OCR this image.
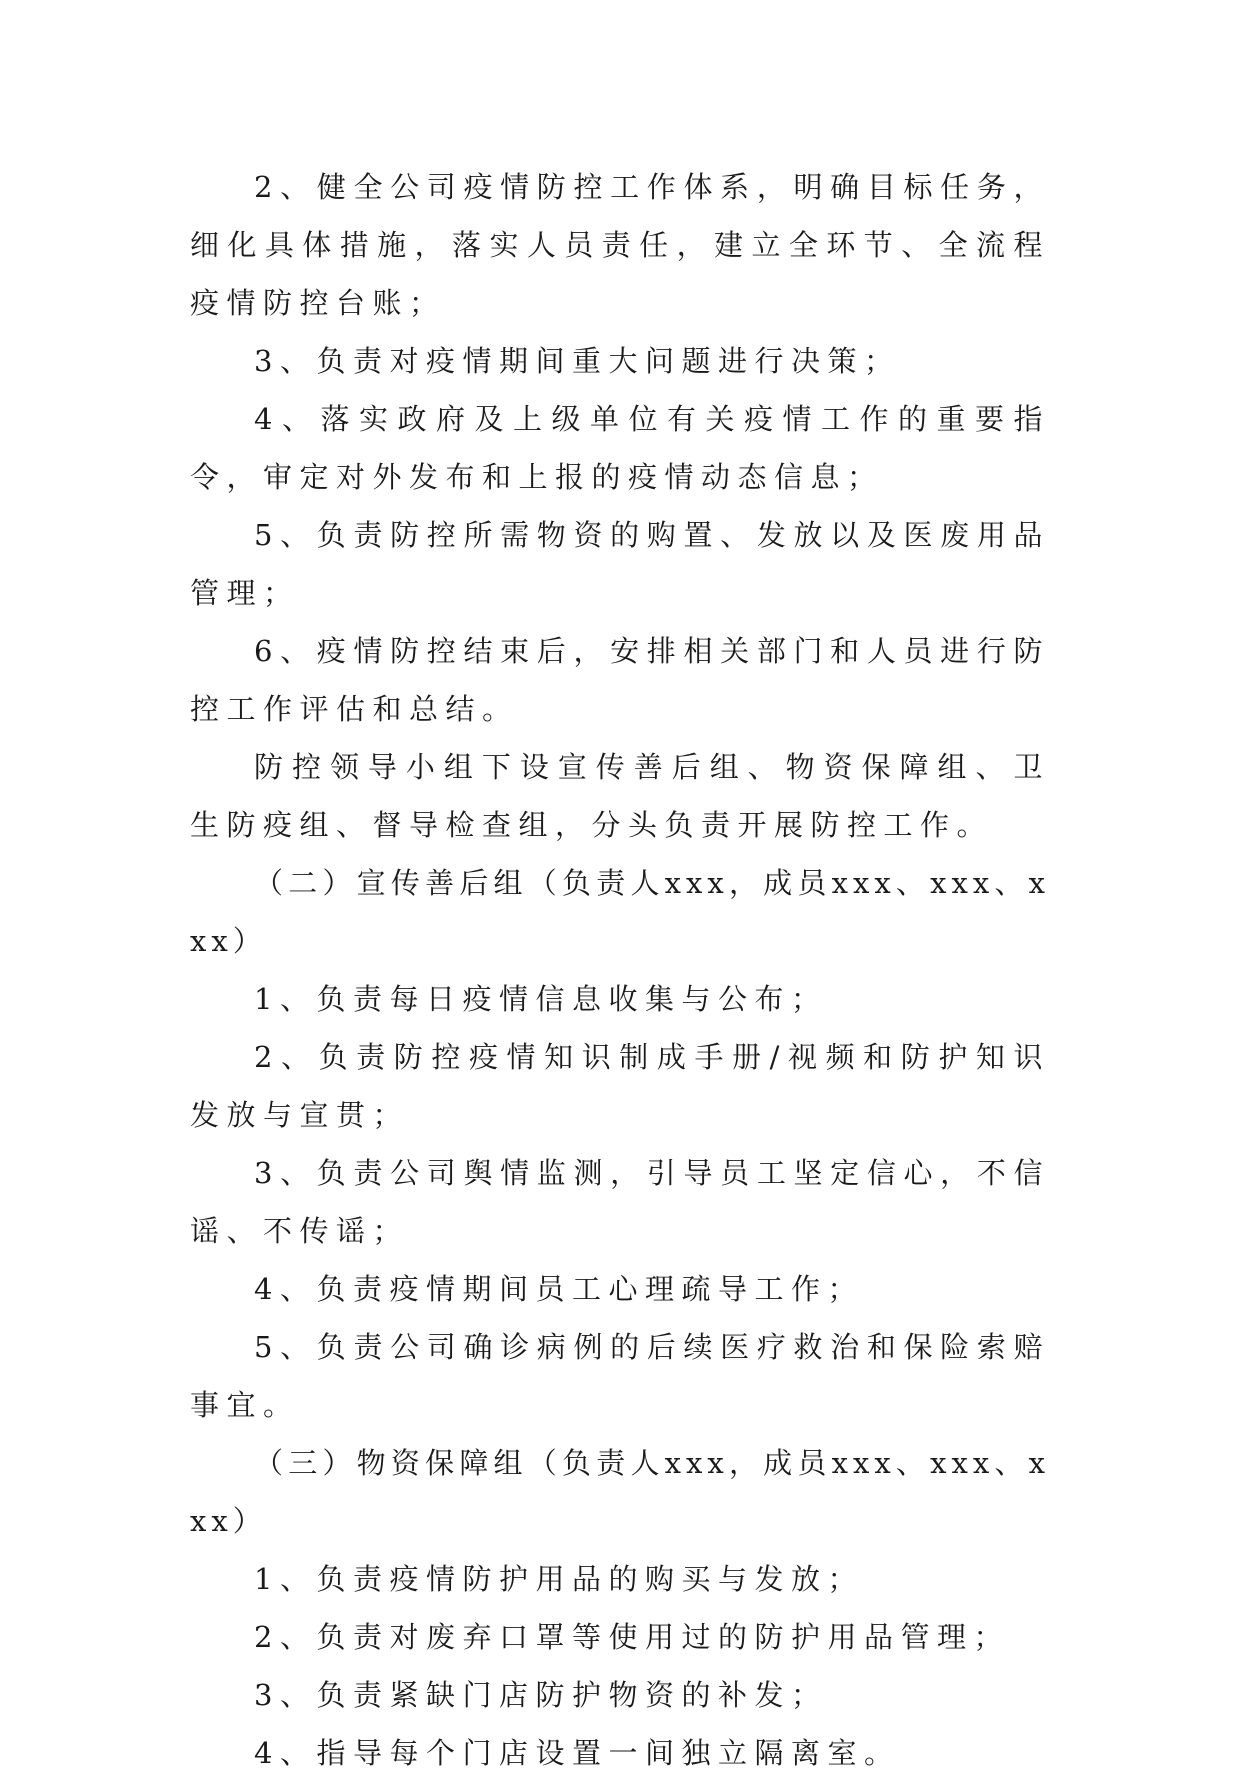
2、健全公司疫情防控工作体系，明确目标任务，细化具体措施，落实人员责任，建立全环节、全流程疫情防控台账；

3、负责对疫情期间重大问题进行决策；

4、落实政府及上级单位有关疫情工作的重要指令，审定对外发布和上报的疫情动态信息；

5、负责防控所需物资的购置、发放以及医废用品管理；

6、疫情防控结束后，安排相关部门和人员进行防控工作评估和总结。

防控领导小组下设宣传善后组、物资保障组、卫生防疫组、督导检查组，分头负责开展防控工作。

（二）宣传善后组（负责人xxx，成员xxx、xxx、xxx）

1、负责每日疫情信息收集与公布；

2、负责防控疫情知识制成手册/视频和防护知识发放与宣贯；

3、负责公司舆情监测，引导员工坚定信心，不信谣、不传谣；

4、负责疫情期间员工心理疏导工作；

5、负责公司确诊病例的后续医疗救治和保险索赔事宜。

（三）物资保障组（负责人xxx，成员xxx、xxx、xxx）

1、负责疫情防护用品的购买与发放；

2、负责对废弃口罩等使用过的防护用品管理；

3、负责紧缺门店防护物资的补发；

4、指导每个门店设置一间独立隔离室。
